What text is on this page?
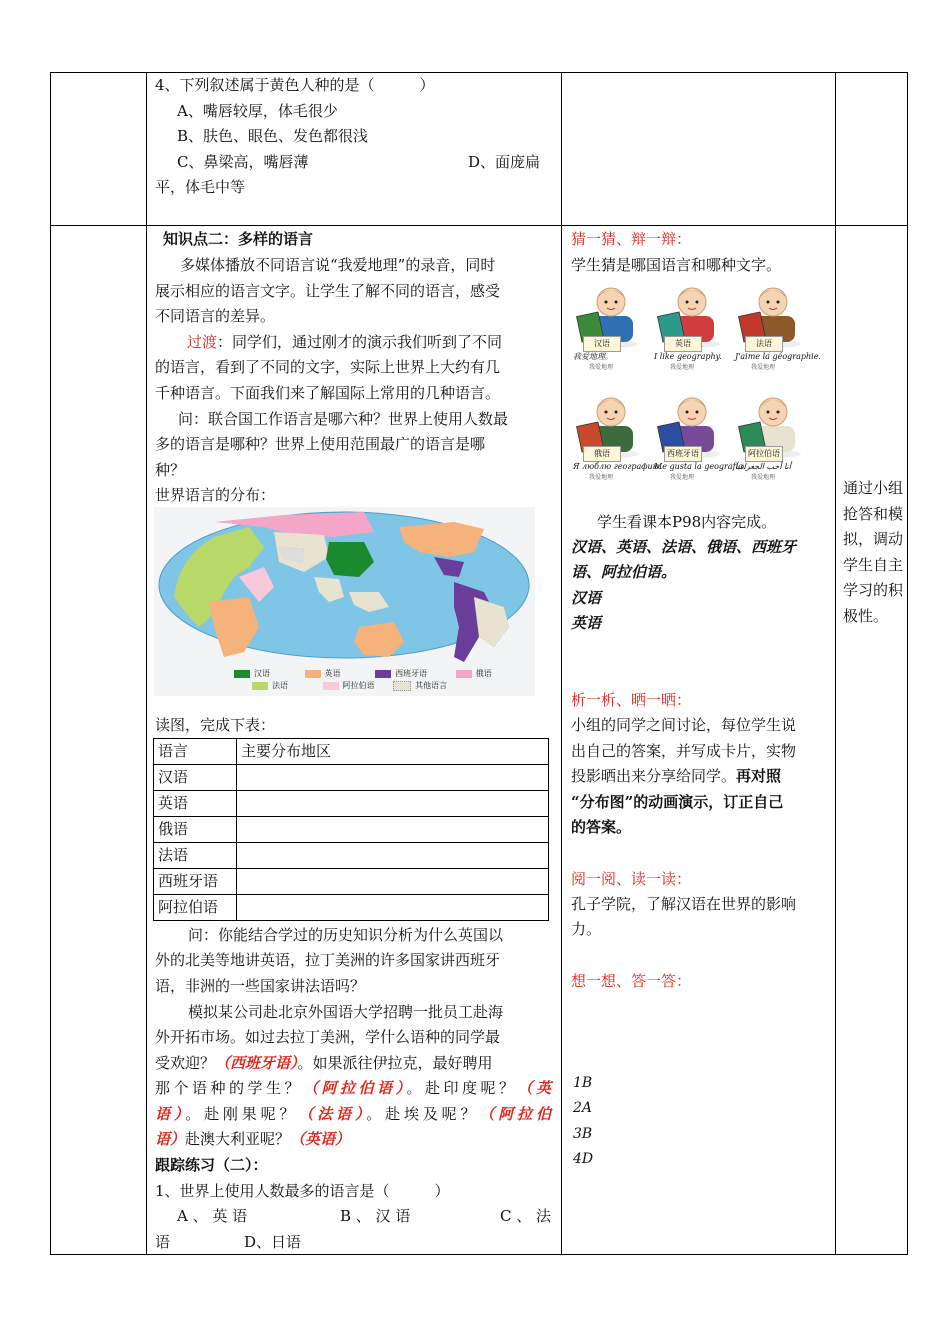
4、下列叙述属于黄色人种的是（　　　）
A、嘴唇较厚，体毛很少
B、肤色、眼色、发色都很浅
C、鼻梁高，嘴唇薄	D、面庞扁
平，体毛中等
知识点二：多样的语言
多媒体播放不同语言说“我爱地理”的录音，同时
展示相应的语言文字。让学生了解不同的语言，感受
不同语言的差异。
过渡：同学们，通过刚才的演示我们听到了不同
的语言，看到了不同的文字，实际上世界上大约有几
千种语言。下面我们来了解国际上常用的几种语言。
问：联合国工作语言是哪六种？世界上使用人数最
多的语言是哪种？世界上使用范围最广的语言是哪
种？
世界语言的分布：
汉语	英语	西班牙语	俄语
法语	阿拉伯语	其他语言
读图，完成下表：
语言	主要分布地区
汉语	
英语	
俄语	
法语	
西班牙语	
阿拉伯语	
问：你能结合学过的历史知识分析为什么英国以
外的北美等地讲英语，拉丁美洲的许多国家讲西班牙
语，非洲的一些国家讲法语吗？
模拟某公司赴北京外国语大学招聘一批员工赴海
外开拓市场。如过去拉丁美洲，学什么语种的同学最
受欢迎？（西班牙语）。如果派往伊拉克，最好聘用
那个语种的学生？（阿拉伯语）。赴印度呢？（英
语）。赴刚果呢？（法语）。赴埃及呢？（阿拉伯
语）赴澳大利亚呢？（英语）
跟踪练习（二）：
1、世界上使用人数最多的语言是（　　　）
A 、 英 语	B 、 汉 语	C 、 法
语	D、日语
猜一猜、辩一辩：
学生猜是哪国语言和哪种文字。
汉语
我爱地理。
我爱地理
英语
I like geography.
我爱地理
法语
J'aime la géographie.
我爱地理
俄语
Я люблю географию.
我爱地理
西班牙语
Me gusta la geografía.
我爱地理
阿拉伯语
أنا أحب الجغرافيا
我爱地理
学生看课本P98内容完成。
汉语、英语、法语、俄语、西班牙
语、阿拉伯语。
汉语
英语
析一析、晒一晒：
小组的同学之间讨论，每位学生说
出自己的答案，并写成卡片，实物
投影晒出来分享给同学。再对照
“分布图”的动画演示，订正自己
的答案。
阅一阅、读一读：
孔子学院，了解汉语在世界的影响
力。
想一想、答一答：
1B
2A
3B
4D
通过小组
抢答和模
拟，调动
学生自主
学习的积
极性。
